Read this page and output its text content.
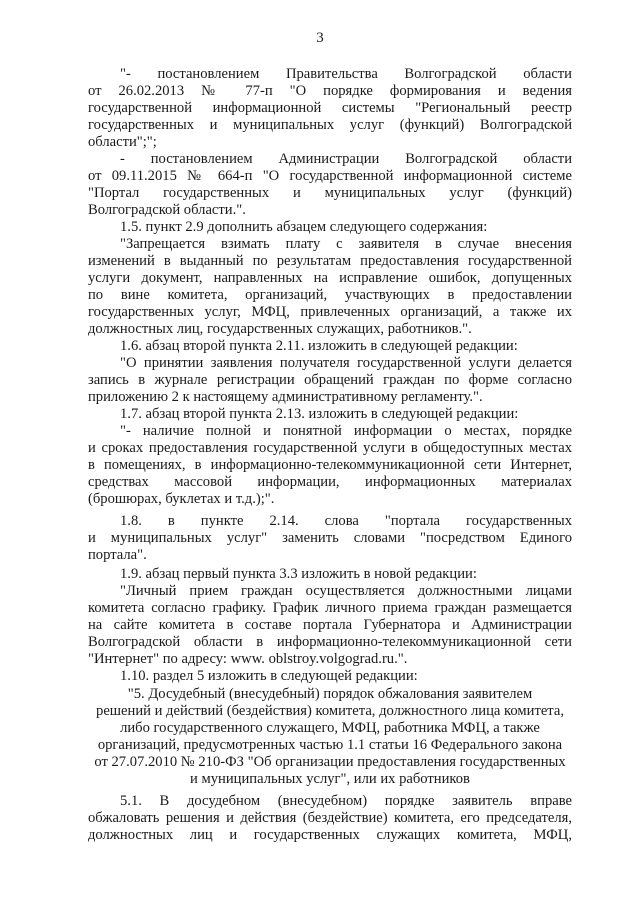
3
"- постановлением Правительства Волгоградской области
от 26.02.2013 № 77-п "О порядке формирования и ведения
государственной информационной системы "Региональный реестр
государственных и муниципальных услуг (функций) Волгоградской
области";";
- постановлением Администрации Волгоградской области
от 09.11.2015 № 664-п "О государственной информационной системе
"Портал государственных и муниципальных услуг (функций)
Волгоградской области.".
1.5. пункт 2.9 дополнить абзацем следующего содержания:
"Запрещается взимать плату с заявителя в случае внесения
изменений в выданный по результатам предоставления государственной
услуги документ, направленных на исправление ошибок, допущенных
по вине комитета, организаций, участвующих в предоставлении
государственных услуг, МФЦ, привлеченных организаций, а также их
должностных лиц, государственных служащих, работников.".
1.6. абзац второй пункта 2.11. изложить в следующей редакции:
"О принятии заявления получателя государственной услуги делается
запись в журнале регистрации обращений граждан по форме согласно
приложению 2 к настоящему административному регламенту.".
1.7. абзац второй пункта 2.13. изложить в следующей редакции:
"- наличие полной и понятной информации о местах, порядке
и сроках предоставления государственной услуги в общедоступных местах
в помещениях, в информационно-телекоммуникационной сети Интернет,
средствах массовой информации, информационных материалах
(брошюрах, буклетах и т.д.);".
1.8. в пункте 2.14. слова "портала государственных
и муниципальных услуг" заменить словами "посредством Единого
портала".
1.9. абзац первый пункта 3.3 изложить в новой редакции:
"Личный прием граждан осуществляется должностными лицами
комитета согласно графику. График личного приема граждан размещается
на сайте комитета в составе портала Губернатора и Администрации
Волгоградской области в информационно-телекоммуникационной сети
"Интернет" по адресу: www. oblstroy.volgograd.ru.".
1.10. раздел 5 изложить в следующей редакции:
"5. Досудебный (внесудебный) порядок обжалования заявителем
решений и действий (бездействия) комитета, должностного лица комитета,
либо государственного служащего, МФЦ, работника МФЦ, а также
организаций, предусмотренных частью 1.1 статьи 16 Федерального закона
от 27.07.2010 № 210-ФЗ "Об организации предоставления государственных
и муниципальных услуг", или их работников
5.1. В досудебном (внесудебном) порядке заявитель вправе
обжаловать решения и действия (бездействие) комитета, его председателя,
должностных лиц и государственных служащих комитета, МФЦ,
